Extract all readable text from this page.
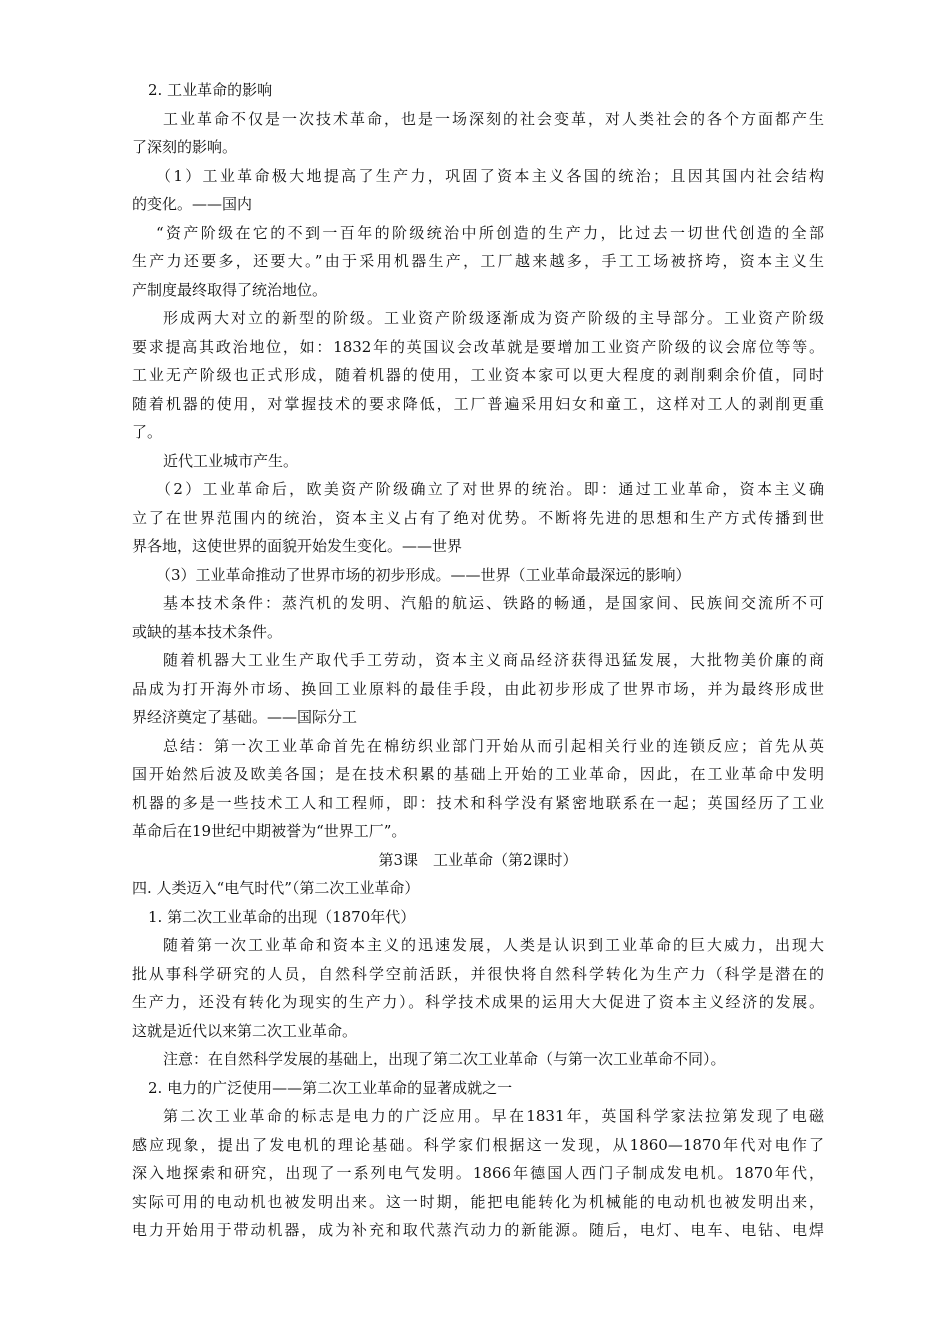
2. 工业革命的影响
工业革命不仅是一次技术革命，也是一场深刻的社会变革，对人类社会的各个方面都产生
了深刻的影响。
（1）工业革命极大地提高了生产力，巩固了资本主义各国的统治；且因其国内社会结构
的变化。——国内
“资产阶级在它的不到一百年的阶级统治中所创造的生产力，比过去一切世代创造的全部
生产力还要多，还要大。”由于采用机器生产，工厂越来越多，手工工场被挤垮，资本主义生
产制度最终取得了统治地位。
形成两大对立的新型的阶级。工业资产阶级逐渐成为资产阶级的主导部分。工业资产阶级
要求提高其政治地位，如：1832年的英国议会改革就是要增加工业资产阶级的议会席位等等。
工业无产阶级也正式形成，随着机器的使用，工业资本家可以更大程度的剥削剩余价值，同时
随着机器的使用，对掌握技术的要求降低，工厂普遍采用妇女和童工，这样对工人的剥削更重
了。
近代工业城市产生。
（2）工业革命后，欧美资产阶级确立了对世界的统治。即：通过工业革命，资本主义确
立了在世界范围内的统治，资本主义占有了绝对优势。不断将先进的思想和生产方式传播到世
界各地，这使世界的面貌开始发生变化。——世界
（3）工业革命推动了世界市场的初步形成。——世界（工业革命最深远的影响）
基本技术条件：蒸汽机的发明、汽船的航运、铁路的畅通，是国家间、民族间交流所不可
或缺的基本技术条件。
随着机器大工业生产取代手工劳动，资本主义商品经济获得迅猛发展，大批物美价廉的商
品成为打开海外市场、换回工业原料的最佳手段，由此初步形成了世界市场，并为最终形成世
界经济奠定了基础。——国际分工
总结：第一次工业革命首先在棉纺织业部门开始从而引起相关行业的连锁反应；首先从英
国开始然后波及欧美各国；是在技术积累的基础上开始的工业革命，因此，在工业革命中发明
机器的多是一些技术工人和工程师，即：技术和科学没有紧密地联系在一起；英国经历了工业
革命后在19世纪中期被誉为“世界工厂”。
第3课　工业革命（第2课时）
四. 人类迈入“电气时代”（第二次工业革命）
1. 第二次工业革命的出现（1870年代）
随着第一次工业革命和资本主义的迅速发展，人类是认识到工业革命的巨大威力，出现大
批从事科学研究的人员，自然科学空前活跃，并很快将自然科学转化为生产力（科学是潜在的
生产力，还没有转化为现实的生产力）。科学技术成果的运用大大促进了资本主义经济的发展。
这就是近代以来第二次工业革命。
注意：在自然科学发展的基础上，出现了第二次工业革命（与第一次工业革命不同）。
2. 电力的广泛使用——第二次工业革命的显著成就之一
第二次工业革命的标志是电力的广泛应用。早在1831年，英国科学家法拉第发现了电磁
感应现象，提出了发电机的理论基础。科学家们根据这一发现，从1860—1870年代对电作了
深入地探索和研究，出现了一系列电气发明。1866年德国人西门子制成发电机。1870年代，
实际可用的电动机也被发明出来。这一时期，能把电能转化为机械能的电动机也被发明出来，
电力开始用于带动机器，成为补充和取代蒸汽动力的新能源。随后，电灯、电车、电钻、电焊
